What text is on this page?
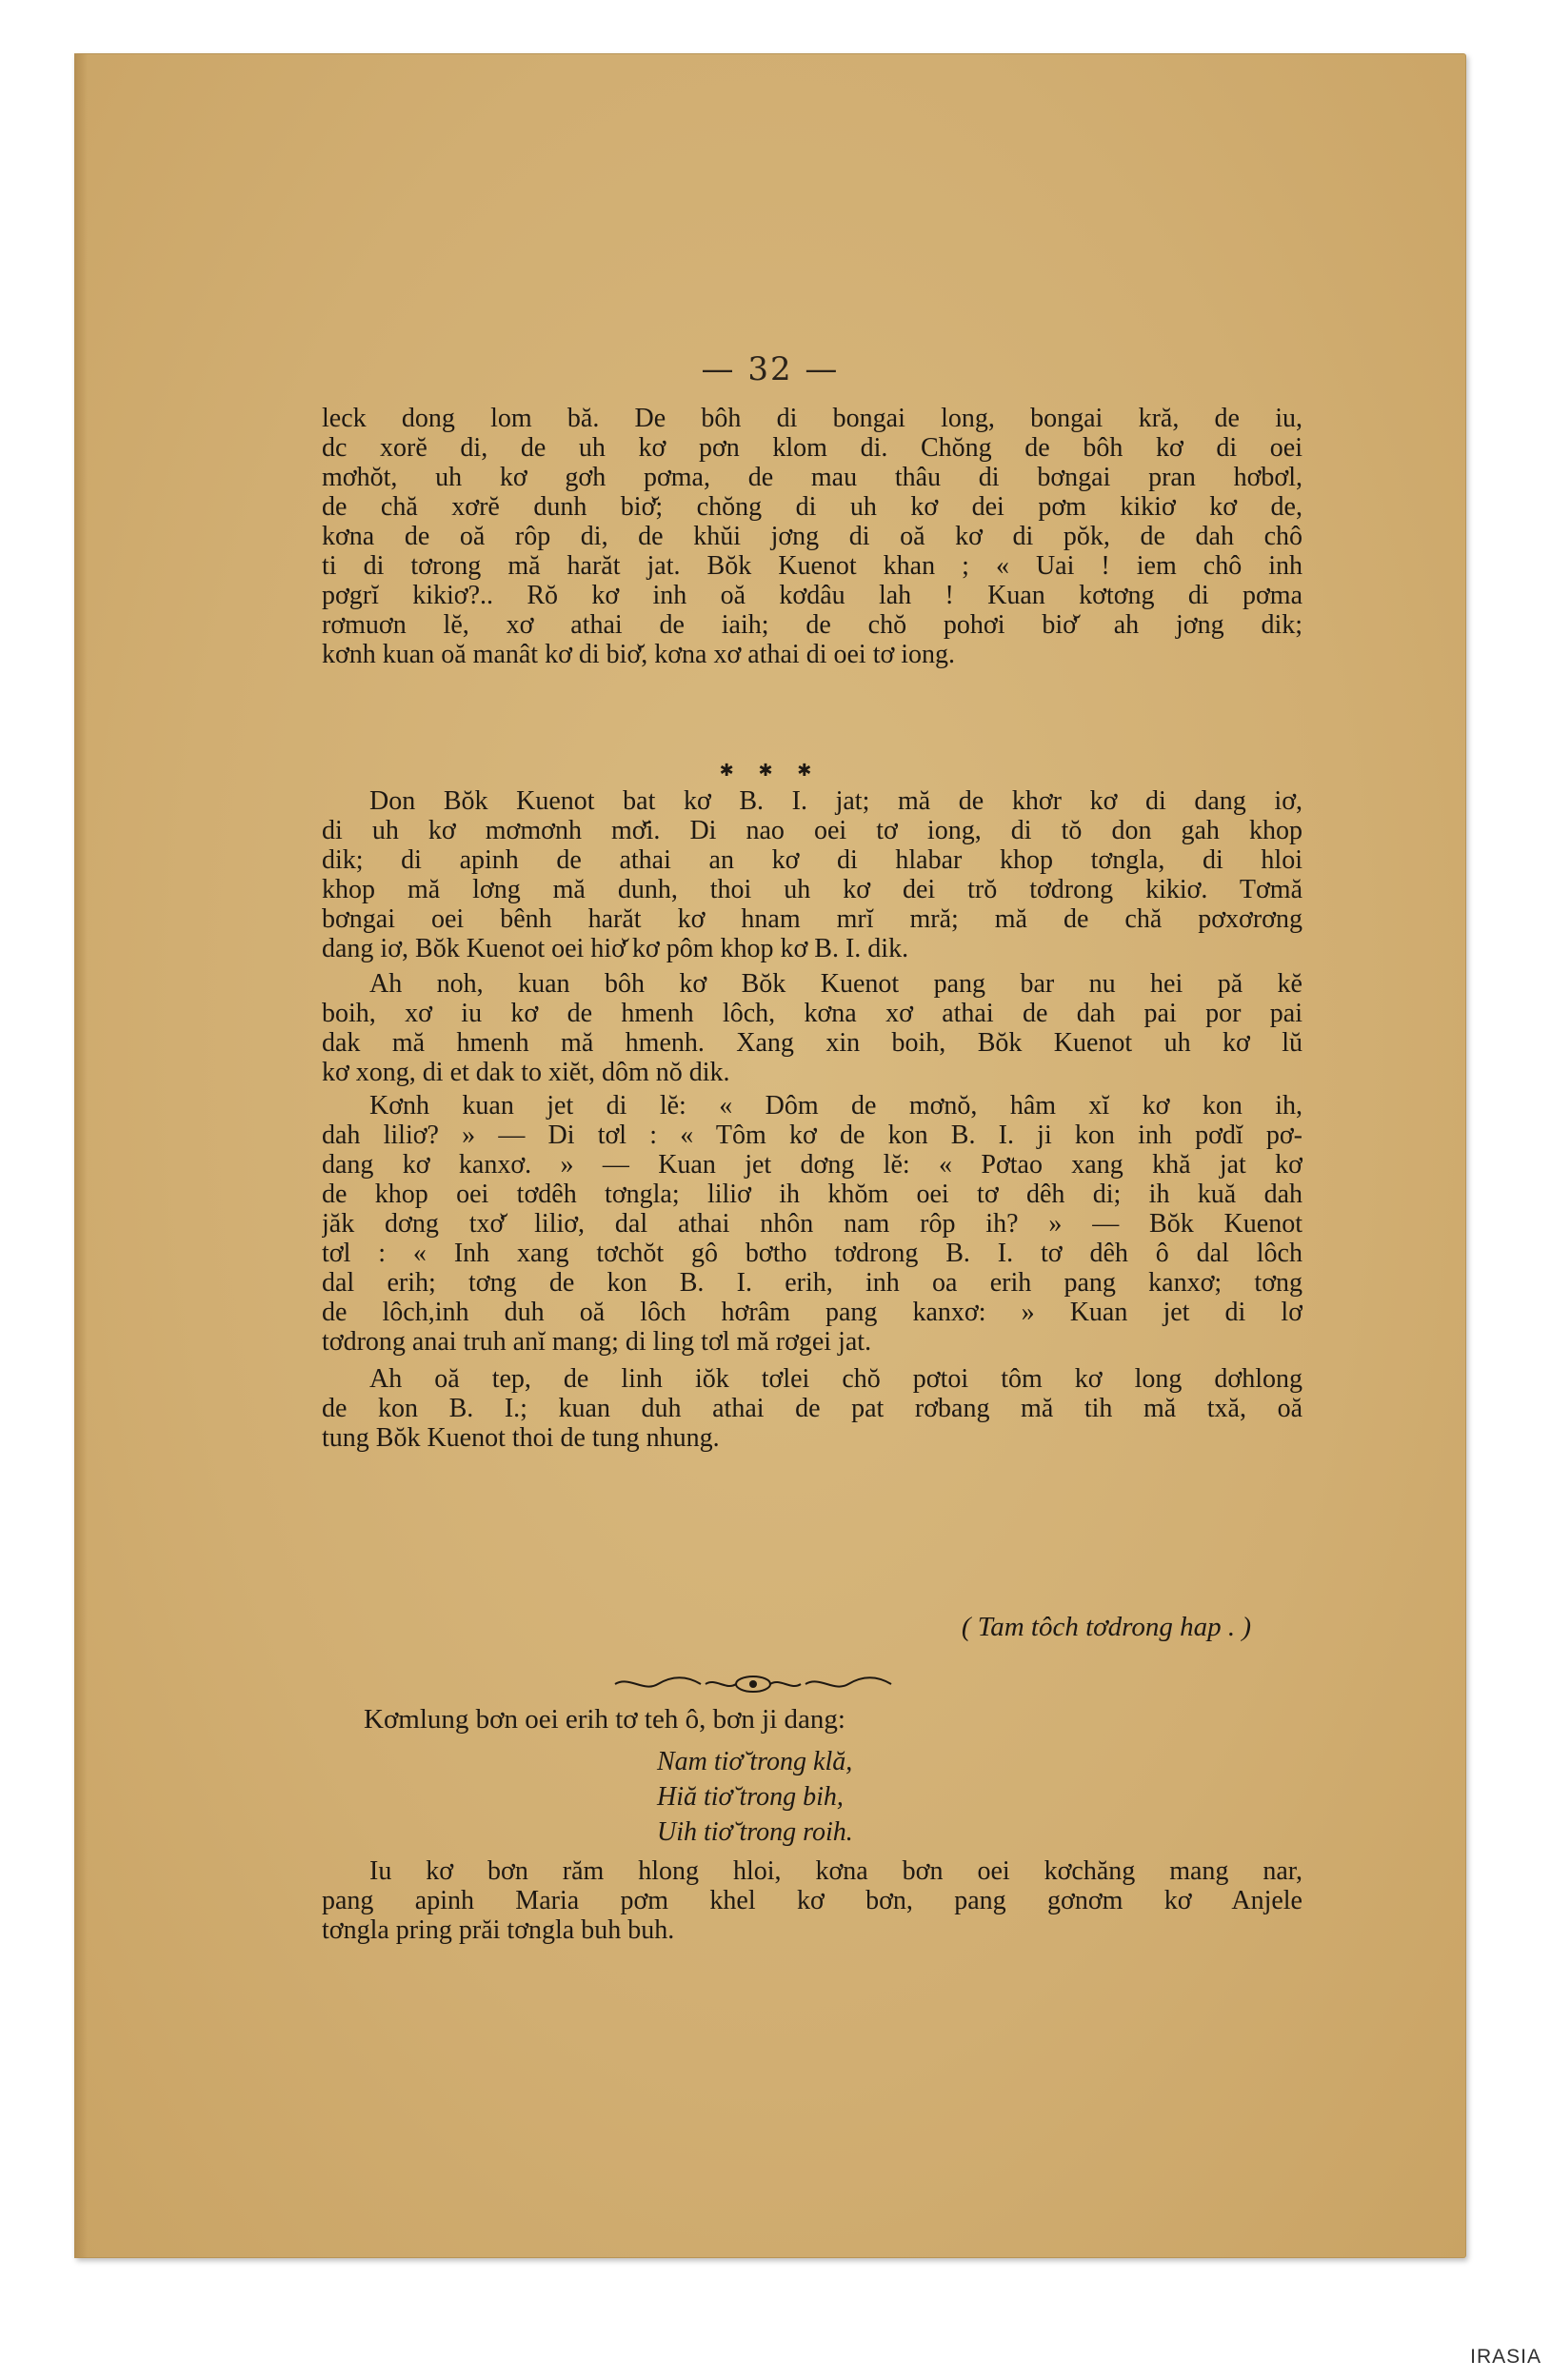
— 32 —
leck dong lom bă. De bôh di bongai long, bongai kră, de iu,
dc xorĕ di, de uh kơ pơn klom di. Chŏng de bôh kơ di oei
mơhŏt, uh kơ gơh pơma, de mau thâu di bơngai pran hơbơl,
de chă xơrĕ dunh biơ̆; chŏng di uh kơ dei pơm kikiơ kơ de,
kơna de oă rôp di, de khŭi jơng di oă kơ di pŏk, de dah chô
ti di tơrong mă harăt jat. Bŏk Kuenot khan ; « Uai ! iem chô inh
pơgrĭ kikiơ?.. Rŏ kơ inh oă kơdâu lah ! Kuan kơtơng di pơma
rơmuơn lĕ, xơ athai de iaih; de chŏ pohơi biơ̆ ah jơng dik;
kơnh kuan oă manât kơ di biơ̆, kơna xơ athai di oei tơ iong.
✱ ✱ ✱
Don Bŏk Kuenot bat kơ B. I. jat; mă de khơr kơ di dang iơ,
di uh kơ mơmơnh mơ̆i. Di nao oei tơ iong, di tŏ don gah khop
dik; di apinh de athai an kơ di hlabar khop tơngla, di hloi
khop mă lơng mă dunh, thoi uh kơ dei trŏ tơdrong kikiơ. Tơmă
bơngai oei bênh harăt kơ hnam mrĭ mră; mă de chă pơxơrơng
dang iơ, Bŏk Kuenot oei hiơ̆ kơ pôm khop kơ B. I. dik.
Ah noh, kuan bôh kơ Bŏk Kuenot pang bar nu hei pă kĕ
boih, xơ iu kơ de hmenh lôch, kơna xơ athai de dah pai por pai
dak mă hmenh mă hmenh. Xang xin boih, Bŏk Kuenot uh kơ lŭ
kơ xong, di et dak to xiĕt, dôm nŏ dik.
Kơnh kuan jet di lĕ: « Dôm de mơnŏ, hâm xĭ kơ kon ih,
dah liliơ? » — Di tơl : « Tôm kơ de kon B. I. ji kon inh pơdĭ pơ-
dang kơ kanxơ. » — Kuan jet dơng lĕ: « Pơtao xang khă jat kơ
de khop oei tơdêh tơngla; liliơ ih khŏm oei tơ dêh di; ih kuă dah
jăk dơng txơ̆ liliơ, dal athai nhôn nam rôp ih? » — Bŏk Kuenot
tơl : « Inh xang tơchŏt gô bơtho tơdrong B. I. tơ dêh ô dal lôch
dal erih; tơng de kon B. I. erih, inh oa erih pang kanxơ; tơng
de lôch,inh duh oă lôch hơrâm pang kanxơ: » Kuan jet di lơ
tơdrong anai truh anĭ mang; di ling tơl mă rơgei jat.
Ah oă tep, de linh iŏk tơlei chŏ pơtoi tôm kơ long dơhlong
de kon B. I.; kuan duh athai de pat rơbang mă tih mă txă, oă
tung Bŏk Kuenot thoi de tung nhung.
( Tam tôch tơdrong hap . )
Kơmlung bơn oei erih tơ teh ô, bơn ji dang:
Nam tiơ̆ trong klă,
Hiă tiơ̆ trong bih,
Uih tiơ̆ trong roih.
Iu kơ bơn răm hlong hloi, kơna bơn oei kơchăng mang nar,
pang apinh Maria pơm khel kơ bơn, pang gơnơm kơ Anjele
tơngla pring prăi tơngla buh buh.
IRASIA
